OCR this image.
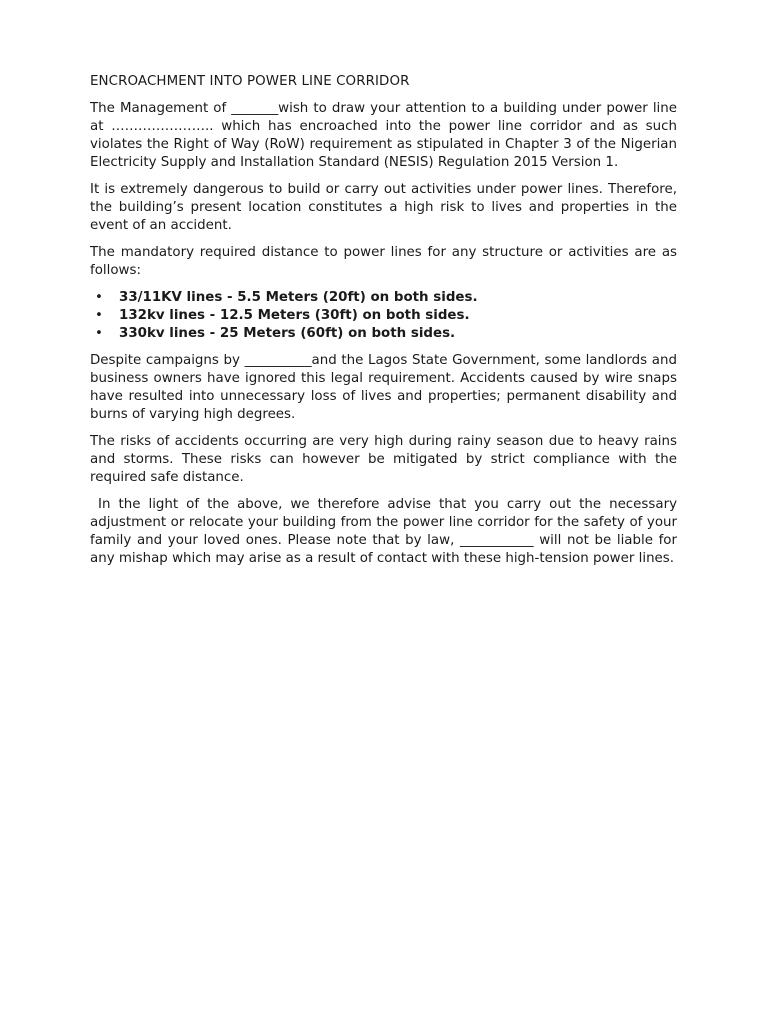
ENCROACHMENT INTO POWER LINE CORRIDOR

The Management of _______wish to draw your attention to a building under power line at ………………….. which has encroached into the power line corridor and as such violates the Right of Way (RoW) requirement as stipulated in Chapter 3 of the Nigerian Electricity Supply and Installation Standard (NESIS) Regulation 2015 Version 1.

It is extremely dangerous to build or carry out activities under power lines. Therefore, the building’s present location constitutes a high risk to lives and properties in the event of an accident.

The mandatory required distance to power lines for any structure or activities are as follows:

• 33/11KV lines - 5.5 Meters (20ft) on both sides.
• 132kv lines - 12.5 Meters (30ft) on both sides.
• 330kv lines - 25 Meters (60ft) on both sides.

Despite campaigns by __________and the Lagos State Government, some landlords and business owners have ignored this legal requirement. Accidents caused by wire snaps have resulted into unnecessary loss of lives and properties; permanent disability and burns of varying high degrees.

The risks of accidents occurring are very high during rainy season due to heavy rains and storms. These risks can however be mitigated by strict compliance with the required safe distance.

In the light of the above, we therefore advise that you carry out the necessary adjustment or relocate your building from the power line corridor for the safety of your family and your loved ones. Please note that by law, ___________ will not be liable for any mishap which may arise as a result of contact with these high-tension power lines.
